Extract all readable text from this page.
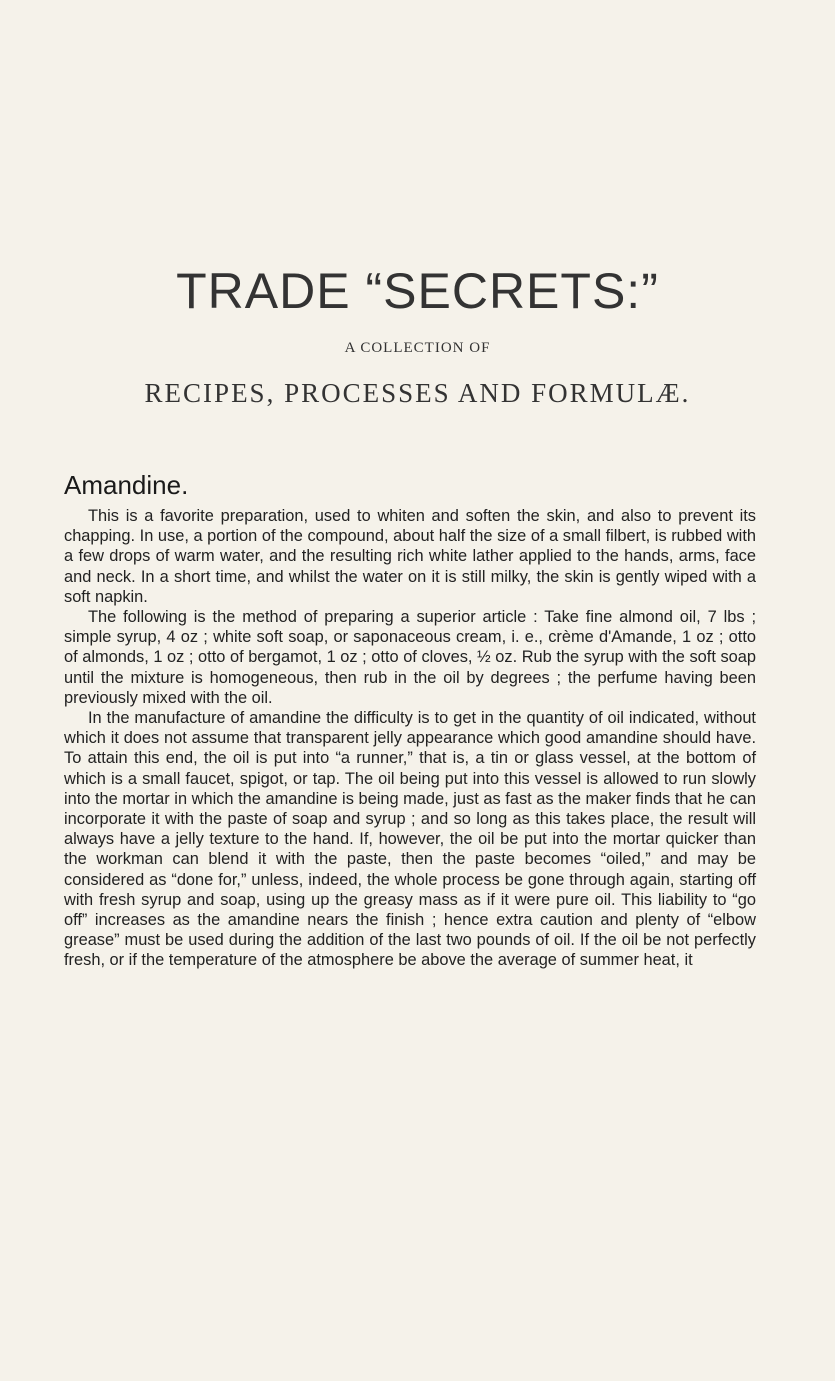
TRADE “SECRETS:”
A COLLECTION OF
RECIPES, PROCESSES AND FORMULÆ.
Amandine.

This is a favorite preparation, used to whiten and soften the skin, and also to prevent its chapping. In use, a portion of the compound, about half the size of a small filbert, is rubbed with a few drops of warm water, and the resulting rich white lather applied to the hands, arms, face and neck. In a short time, and whilst the water on it is still milky, the skin is gently wiped with a soft napkin.

The following is the method of preparing a superior article : Take fine almond oil, 7 lbs ; simple syrup, 4 oz ; white soft soap, or saponaceous cream, i. e., crème d'Amande, 1 oz ; otto of almonds, 1 oz ; otto of bergamot, 1 oz ; otto of cloves, ½ oz. Rub the syrup with the soft soap until the mixture is homogeneous, then rub in the oil by degrees ; the perfume having been previously mixed with the oil.

In the manufacture of amandine the difficulty is to get in the quantity of oil indicated, without which it does not assume that transparent jelly appearance which good amandine should have. To attain this end, the oil is put into “a runner,” that is, a tin or glass vessel, at the bottom of which is a small faucet, spigot, or tap. The oil being put into this vessel is allowed to run slowly into the mortar in which the amandine is being made, just as fast as the maker finds that he can incorporate it with the paste of soap and syrup ; and so long as this takes place, the result will always have a jelly texture to the hand. If, however, the oil be put into the mortar quicker than the workman can blend it with the paste, then the paste becomes “oiled,” and may be considered as “done for,” unless, indeed, the whole process be gone through again, starting off with fresh syrup and soap, using up the greasy mass as if it were pure oil. This liability to “go off” increases as the amandine nears the finish ; hence extra caution and plenty of “elbow grease” must be used during the addition of the last two pounds of oil. If the oil be not perfectly fresh, or if the temperature of the atmosphere be above the average of summer heat, it
